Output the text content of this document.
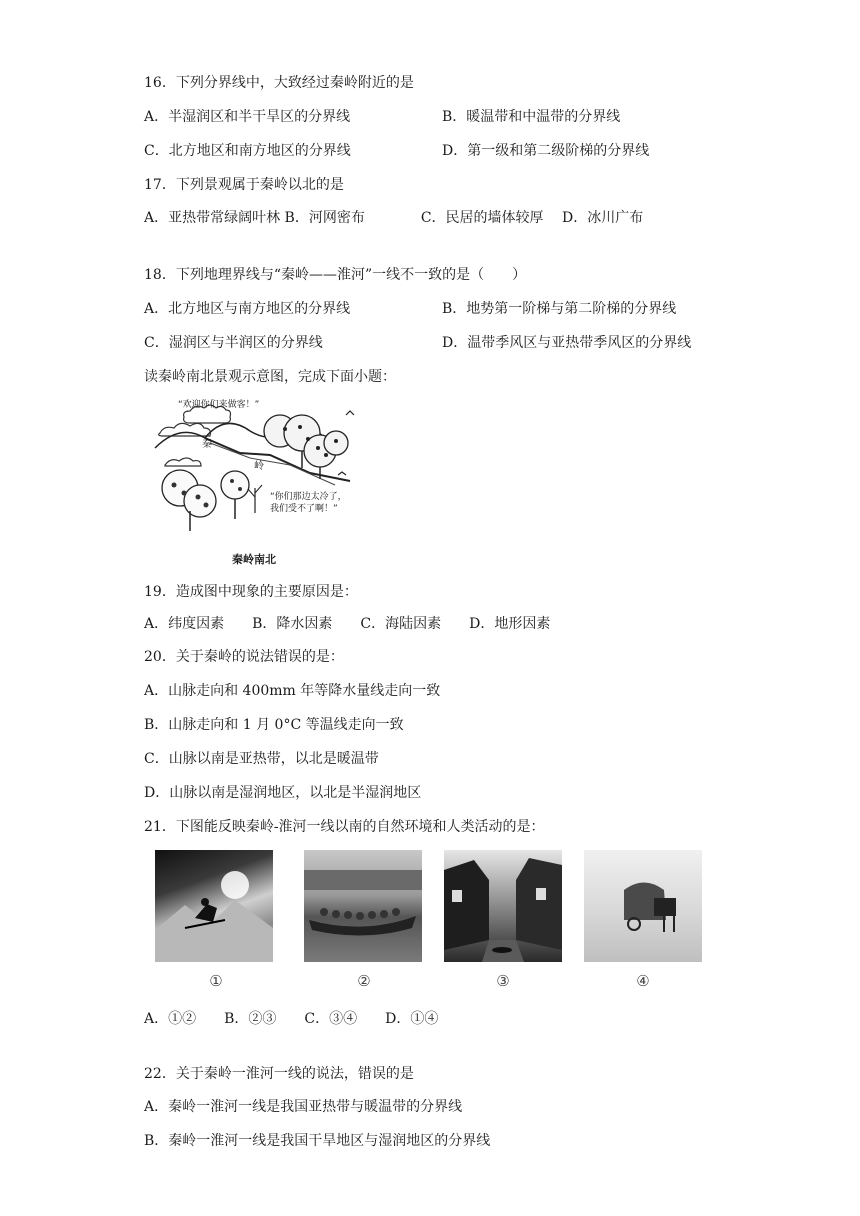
16．下列分界线中，大致经过秦岭附近的是
A．半湿润区和半干旱区的分界线	B．暖温带和中温带的分界线
C．北方地区和南方地区的分界线	D．第一级和第二级阶梯的分界线
17．下列景观属于秦岭以北的是
A．亚热带常绿阔叶林 B．河网密布　　　　C．民居的墙体较厚　 D．冰川广布
18．下列地理界线与“秦岭——淮河”一线不一致的是（　　）
A．北方地区与南方地区的分界线	B．地势第一阶梯与第二阶梯的分界线
C．湿润区与半润区的分界线	D．温带季风区与亚热带季风区的分界线
读秦岭南北景观示意图，完成下面小题：
“欢迎你们来做客！”
秦
岭
“你们那边太冷了，
我们受不了啊！”
秦岭南北
19．造成图中现象的主要原因是：
A．纬度因素　　B．降水因素　　C．海陆因素　　D．地形因素
20．关于秦岭的说法错误的是：
A．山脉走向和 400mm 年等降水量线走向一致
B．山脉走向和 1 月 0°C 等温线走向一致
C．山脉以南是亚热带，以北是暖温带
D．山脉以南是湿润地区，以北是半湿润地区
21．下图能反映秦岭-淮河一线以南的自然环境和人类活动的是：
①	②	③	④
A．①②　　B．②③　　C．③④　　D．①④
22．关于秦岭一淮河一线的说法，错误的是
A．秦岭一淮河一线是我国亚热带与暖温带的分界线
B．秦岭一淮河一线是我国干旱地区与湿润地区的分界线
